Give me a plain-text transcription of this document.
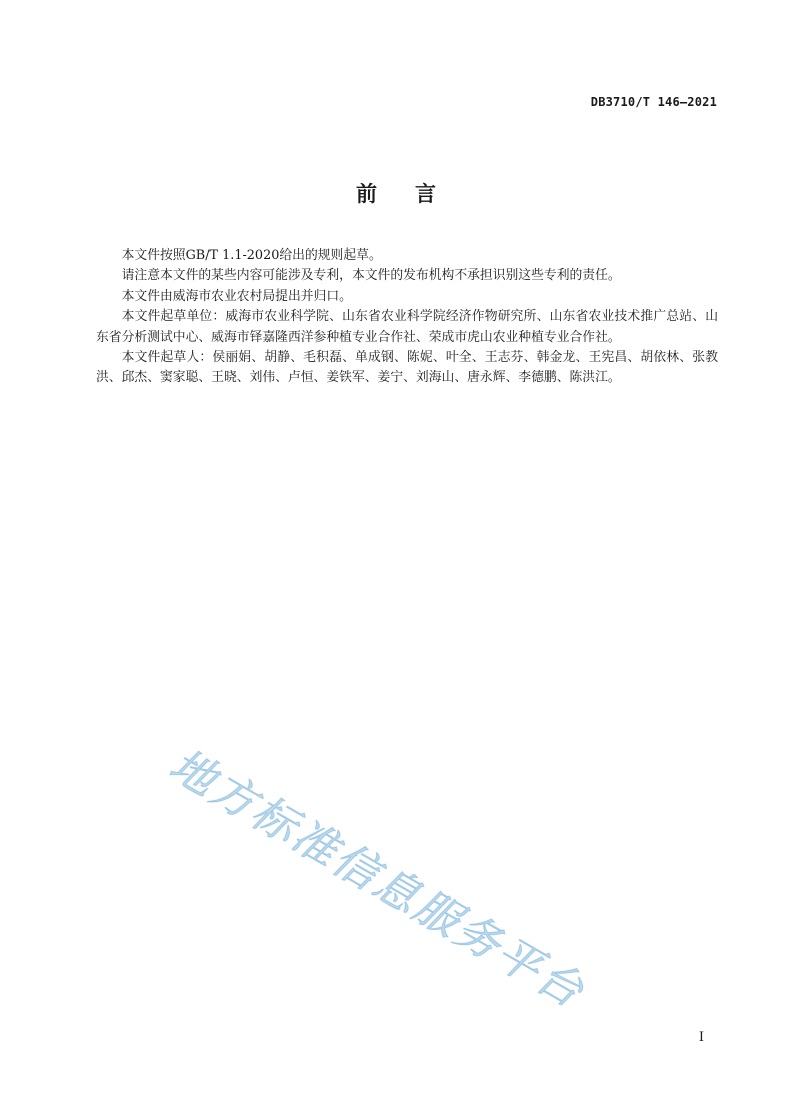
DB3710/T 146—2021
前言

本文件按照GB/T 1.1-2020给出的规则起草。

请注意本文件的某些内容可能涉及专利，本文件的发布机构不承担识别这些专利的责任。

本文件由威海市农业农村局提出并归口。

本文件起草单位：威海市农业科学院、山东省农业科学院经济作物研究所、山东省农业技术推广总站、山东省分析测试中心、威海市铎嘉隆西洋参种植专业合作社、荣成市虎山农业种植专业合作社。

本文件起草人：侯丽娟、胡静、毛积磊、单成钢、陈妮、叶全、王志芬、韩金龙、王宪昌、胡依林、张教洪、邱杰、窦家聪、王晓、刘伟、卢恒、姜铁军、姜宁、刘海山、唐永辉、李德鹏、陈洪江。

地方标准信息服务平台
I
